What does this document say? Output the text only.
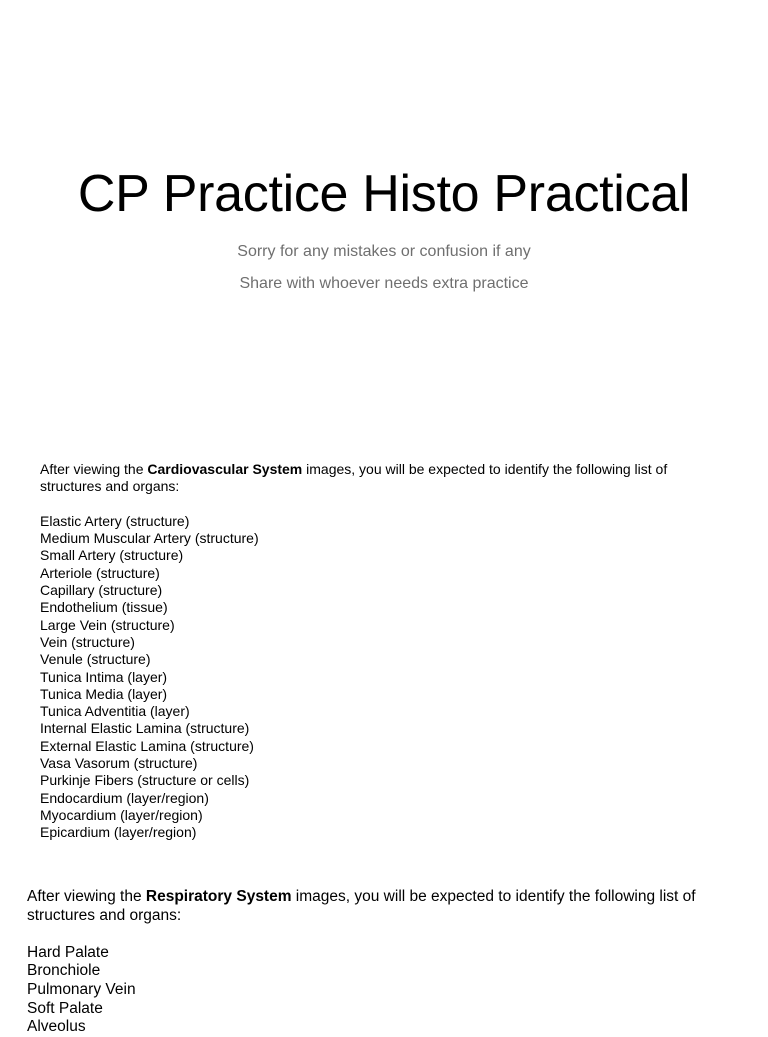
CP Practice Histo Practical

Sorry for any mistakes or confusion if any

Share with whoever needs extra practice

After viewing the Cardiovascular System images, you will be expected to identify the following list of structures and organs:

Elastic Artery (structure)
Medium Muscular Artery (structure)
Small Artery (structure)
Arteriole (structure)
Capillary (structure)
Endothelium (tissue)
Large Vein (structure)
Vein (structure)
Venule (structure)
Tunica Intima (layer)
Tunica Media (layer)
Tunica Adventitia (layer)
Internal Elastic Lamina (structure)
External Elastic Lamina (structure)
Vasa Vasorum (structure)
Purkinje Fibers (structure or cells)
Endocardium (layer/region)
Myocardium (layer/region)
Epicardium (layer/region)

After viewing the Respiratory System images, you will be expected to identify the following list of structures and organs:

Hard Palate
Bronchiole
Pulmonary Vein
Soft Palate
Alveolus
